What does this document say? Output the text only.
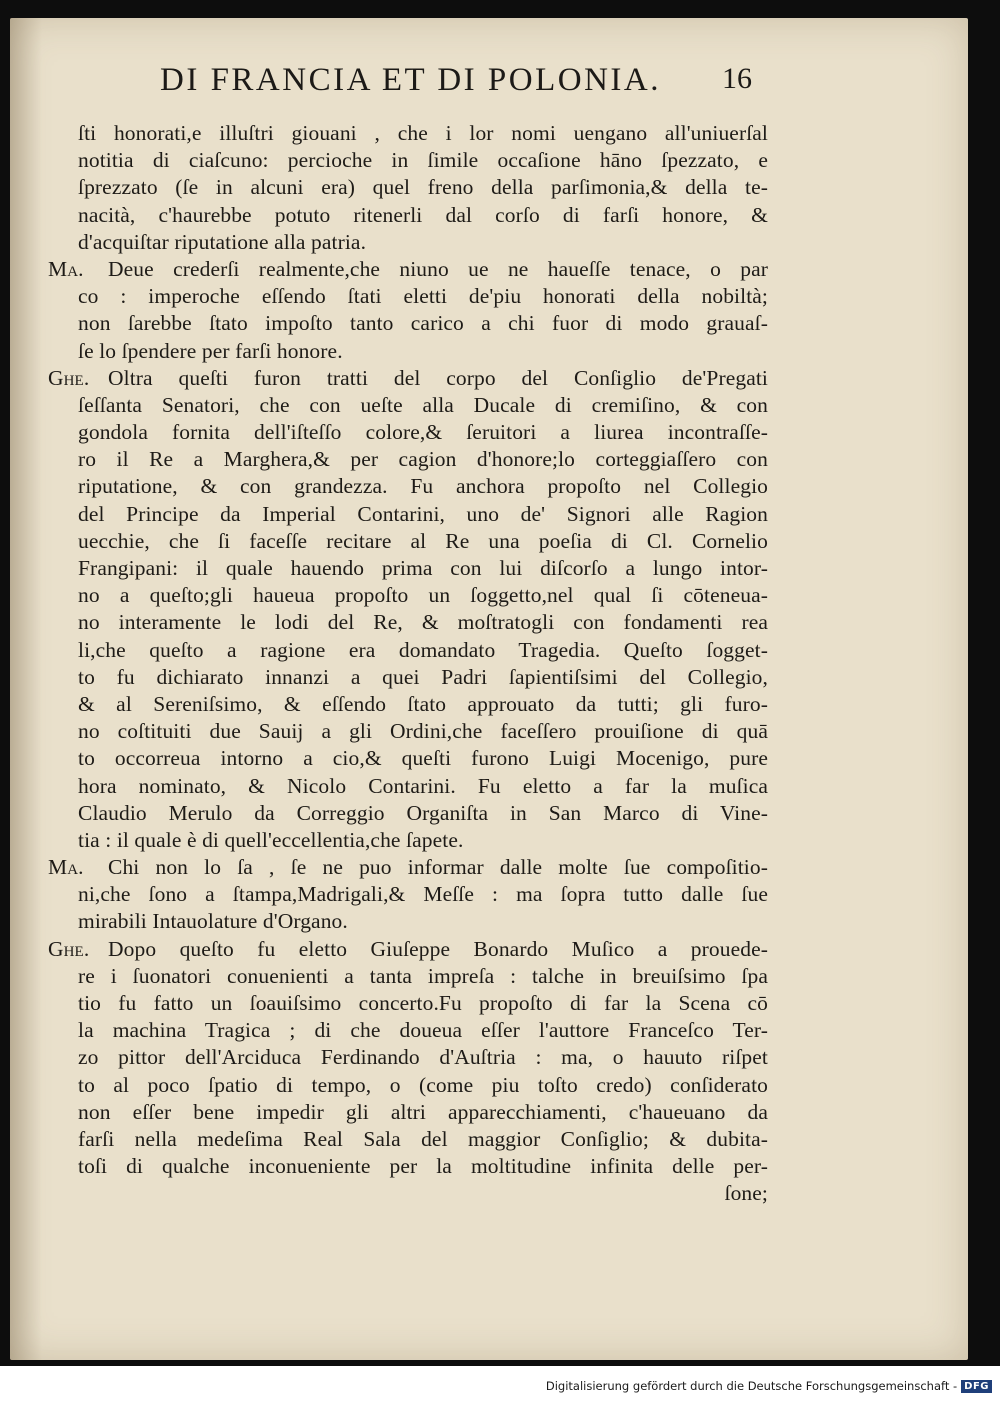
DI FRANCIA ET DI POLONIA.	16
ſti honorati,e illuſtri giouani , che i lor nomi uengano all'uniuerſal
notitia di ciaſcuno: percioche in ſimile occaſione hāno ſpezzato, e
ſprezzato (ſe in alcuni era) quel freno della parſimonia,& della te-
nacità, c'haurebbe potuto ritenerli dal corſo di farſi honore, &
d'acquiſtar riputatione alla patria.
Ma.	Deue crederſi realmente,che niuno ue ne haueſſe tenace, o par
co : imperoche eſſendo ſtati eletti de'piu honorati della nobiltà;
non ſarebbe ſtato impoſto tanto carico a chi fuor di modo grauaſ-
ſe lo ſpendere per farſi honore.
Ghe. Oltra queſti furon tratti del corpo del Conſiglio de'Pregati
ſeſſanta Senatori, che con ueſte alla Ducale di cremiſino, & con
gondola fornita dell'iſteſſo colore,& ſeruitori a liurea incontraſſe-
ro il Re a Marghera,& per cagion d'honore;lo corteggiaſſero con
riputatione, & con grandezza. Fu anchora propoſto nel Collegio
del Principe da Imperial Contarini, uno de' Signori alle Ragion
uecchie, che ſi faceſſe recitare al Re una poeſia di Cl. Cornelio
Frangipani: il quale hauendo prima con lui diſcorſo a lungo intor-
no a queſto;gli haueua propoſto un ſoggetto,nel qual ſi cōteneua-
no interamente le lodi del Re, & moſtratogli con fondamenti rea
li,che queſto a ragione era domandato Tragedia. Queſto ſogget-
to fu dichiarato innanzi a quei Padri ſapientiſsimi del Collegio,
& al Sereniſsimo, & eſſendo ſtato approuato da tutti; gli furo-
no coſtituiti due Sauij a gli Ordini,che faceſſero prouiſione di quā
to occorreua intorno a cio,& queſti furono Luigi Mocenigo, pure
hora nominato, & Nicolo Contarini. Fu eletto a far la muſica
Claudio Merulo da Correggio Organiſta in San Marco di Vine-
tia : il quale è di quell'eccellentia,che ſapete.
Ma.	Chi non lo ſa , ſe ne puo informar dalle molte ſue compoſitio-
ni,che ſono a ſtampa,Madrigali,& Meſſe : ma ſopra tutto dalle ſue
mirabili Intauolature d'Organo.
Ghe. Dopo queſto fu eletto Giuſeppe Bonardo Muſico a prouede-
re i ſuonatori conuenienti a tanta impreſa : talche in breuiſsimo ſpa
tio fu fatto un ſoauiſsimo concerto.Fu propoſto di far la Scena cō
la machina Tragica ; di che doueua eſſer l'auttore Franceſco Ter-
zo pittor dell'Arciduca Ferdinando d'Auſtria : ma, o hauuto riſpet
to al poco ſpatio di tempo, o (come piu toſto credo) conſiderato
non eſſer bene impedir gli altri apparecchiamenti, c'haueuano da
farſi nella medeſima Real Sala del maggior Conſiglio; & dubita-
toſi di qualche inconueniente per la moltitudine infinita delle per-
ſone;
Digitalisierung gefördert durch die Deutsche Forschungsgemeinschaft - DFG
